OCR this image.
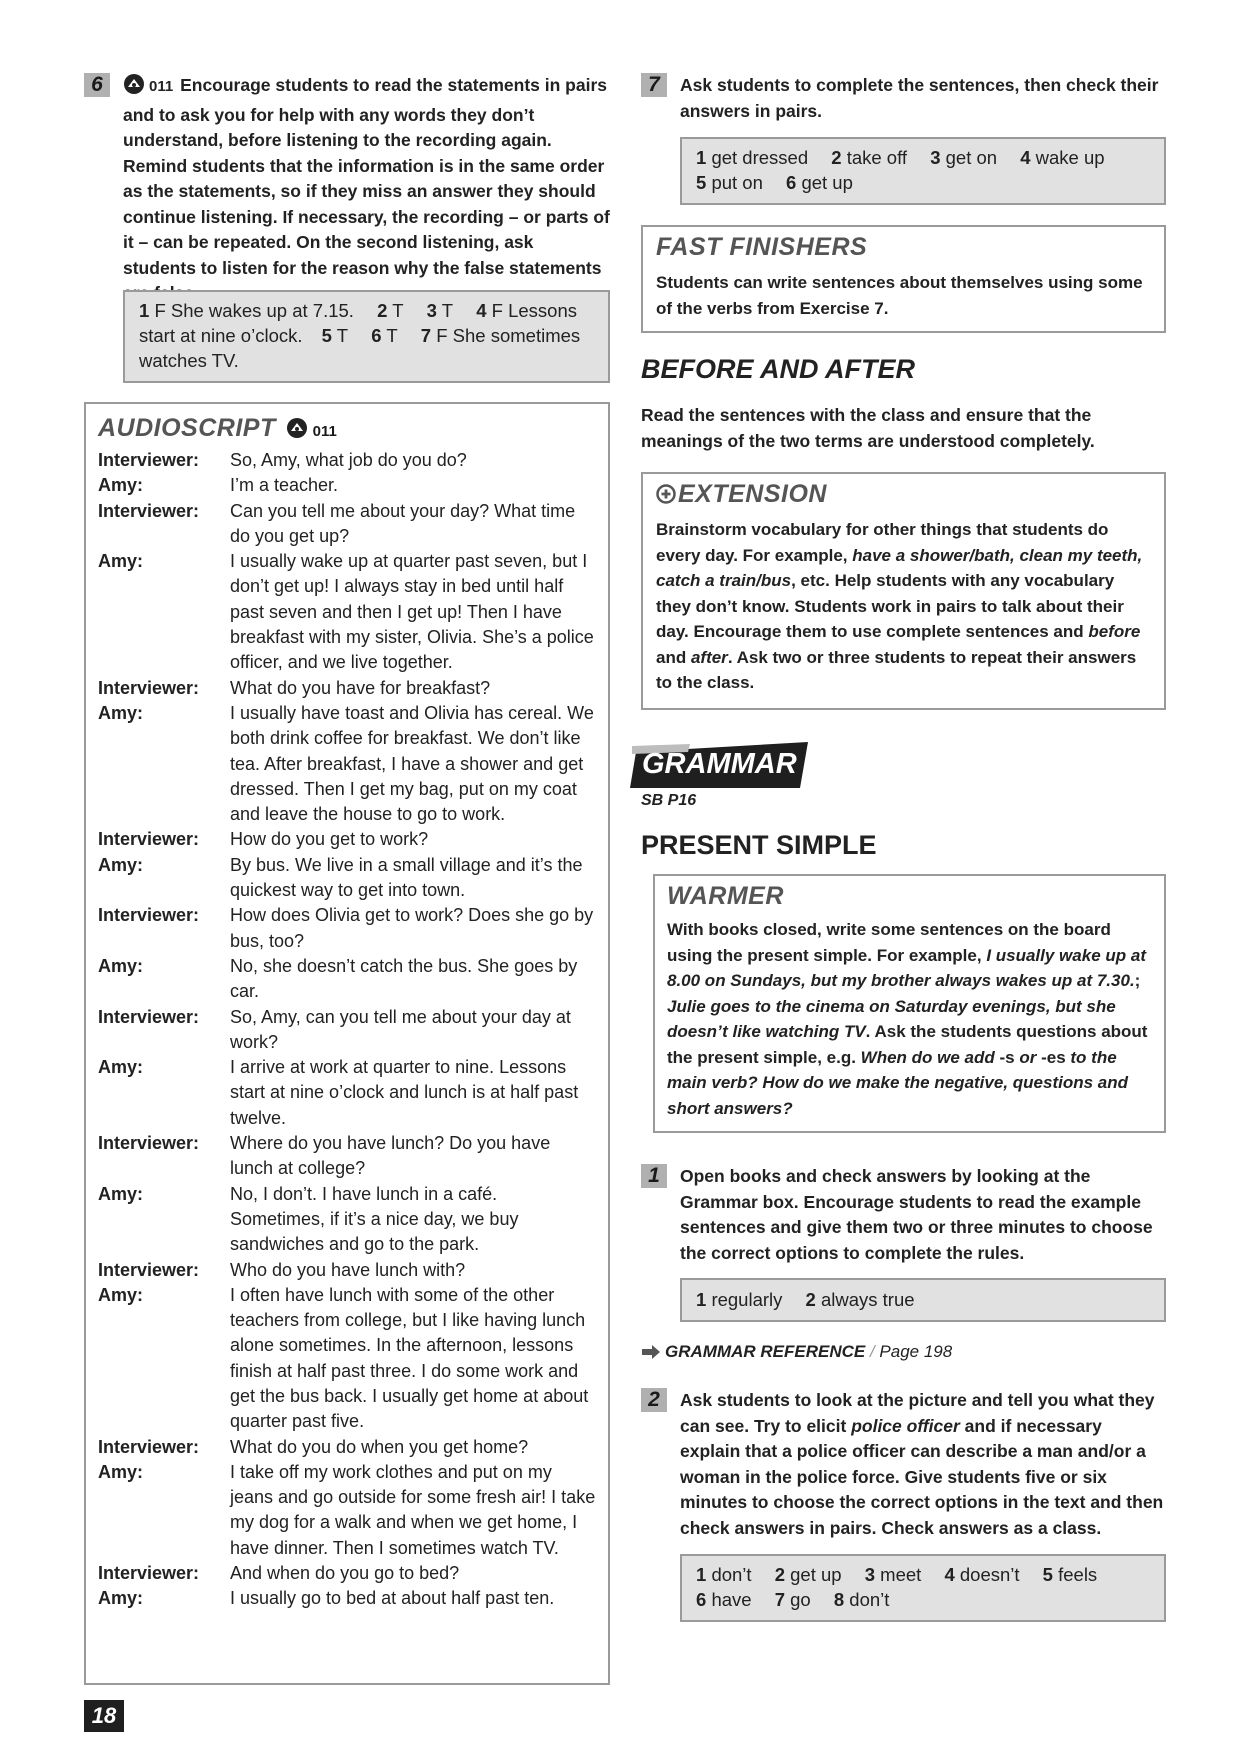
6	011 Encourage students to read the statements in pairs and to ask you for help with any words they don’t understand, before listening to the recording again. Remind students that the information is in the same order as the statements, so if they miss an answer they should continue listening. If necessary, the recording – or parts of it – can be repeated. On the second listening, ask students to listen for the reason why the false statements
1 F She wakes up at 7.15. 2 T 3 T 4 F Lessons start at nine o’clock. 5 T 6 T 7 F She sometimes watches TV.
AUDIOSCRIPT 011
Interviewer:	So, Amy, what job do you do?
Amy:	I’m a teacher.
Interviewer:	Can you tell me about your day? What time do you get up?
Amy:	I usually wake up at quarter past seven, but I don’t get up! I always stay in bed until half past seven and then I get up! Then I have breakfast with my sister, Olivia. She’s a police officer, and we live together.
Interviewer:	What do you have for breakfast?
Amy:	I usually have toast and Olivia has cereal. We both drink coffee for breakfast. We don’t like tea. After breakfast, I have a shower and get dressed. Then I get my bag, put on my coat and leave the house to go to work.
Interviewer:	How do you get to work?
Amy:	By bus. We live in a small village and it’s the quickest way to get into town.
Interviewer:	How does Olivia get to work? Does she go by bus, too?
Amy:	No, she doesn’t catch the bus. She goes by car.
Interviewer:	So, Amy, can you tell me about your day at work?
Amy:	I arrive at work at quarter to nine. Lessons start at nine o’clock and lunch is at half past twelve.
Interviewer:	Where do you have lunch? Do you have lunch at college?
Amy:	No, I don’t. I have lunch in a café. Sometimes, if it’s a nice day, we buy sandwiches and go to the park.
Interviewer:	Who do you have lunch with?
Amy:	I often have lunch with some of the other teachers from college, but I like having lunch alone sometimes. In the afternoon, lessons finish at half past three. I do some work and get the bus back. I usually get home at about quarter past five.
Interviewer:	What do you do when you get home?
Amy:	I take off my work clothes and put on my jeans and go outside for some fresh air! I take my dog for a walk and when we get home, I have dinner. Then I sometimes watch TV.
Interviewer:	And when do you go to bed?
Amy:	I usually go to bed at about half past ten.
18
7	Ask students to complete the sentences, then check their answers in pairs.
1 get dressed 2 take off 3 get on 4 wake up
5 put on 6 get up
FAST FINISHERS
Students can write sentences about themselves using some of the verbs from Exercise 7.
BEFORE AND AFTER
Read the sentences with the class and ensure that the meanings of the two terms are understood completely.
EXTENSION
Brainstorm vocabulary for other things that students do every day. For example, have a shower/bath, clean my teeth, catch a train/bus, etc. Help students with any vocabulary they don’t know. Students work in pairs to talk about their day. Encourage them to use complete sentences and before and after. Ask two or three students to repeat their answers to the class.
GRAMMAR
SB P16
PRESENT SIMPLE
WARMER
With books closed, write some sentences on the board using the present simple. For example, I usually wake up at 8.00 on Sundays, but my brother always wakes up at 7.30.; Julie goes to the cinema on Saturday evenings, but she doesn’t like watching TV. Ask the students questions about the present simple, e.g. When do we add -s or -es to the main verb? How do we make the negative, questions and short answers?
1	Open books and check answers by looking at the Grammar box. Encourage students to read the example sentences and give them two or three minutes to choose the correct options to complete the rules.
1 regularly 2 always true
GRAMMAR REFERENCE / Page 198
2	Ask students to look at the picture and tell you what they can see. Try to elicit police officer and if necessary explain that a police officer can describe a man and/or a woman in the police force. Give students five or six minutes to choose the correct options in the text and then check answers in pairs. Check answers as a class.
1 don’t 2 get up 3 meet 4 doesn’t 5 feels
6 have 7 go 8 don’t
